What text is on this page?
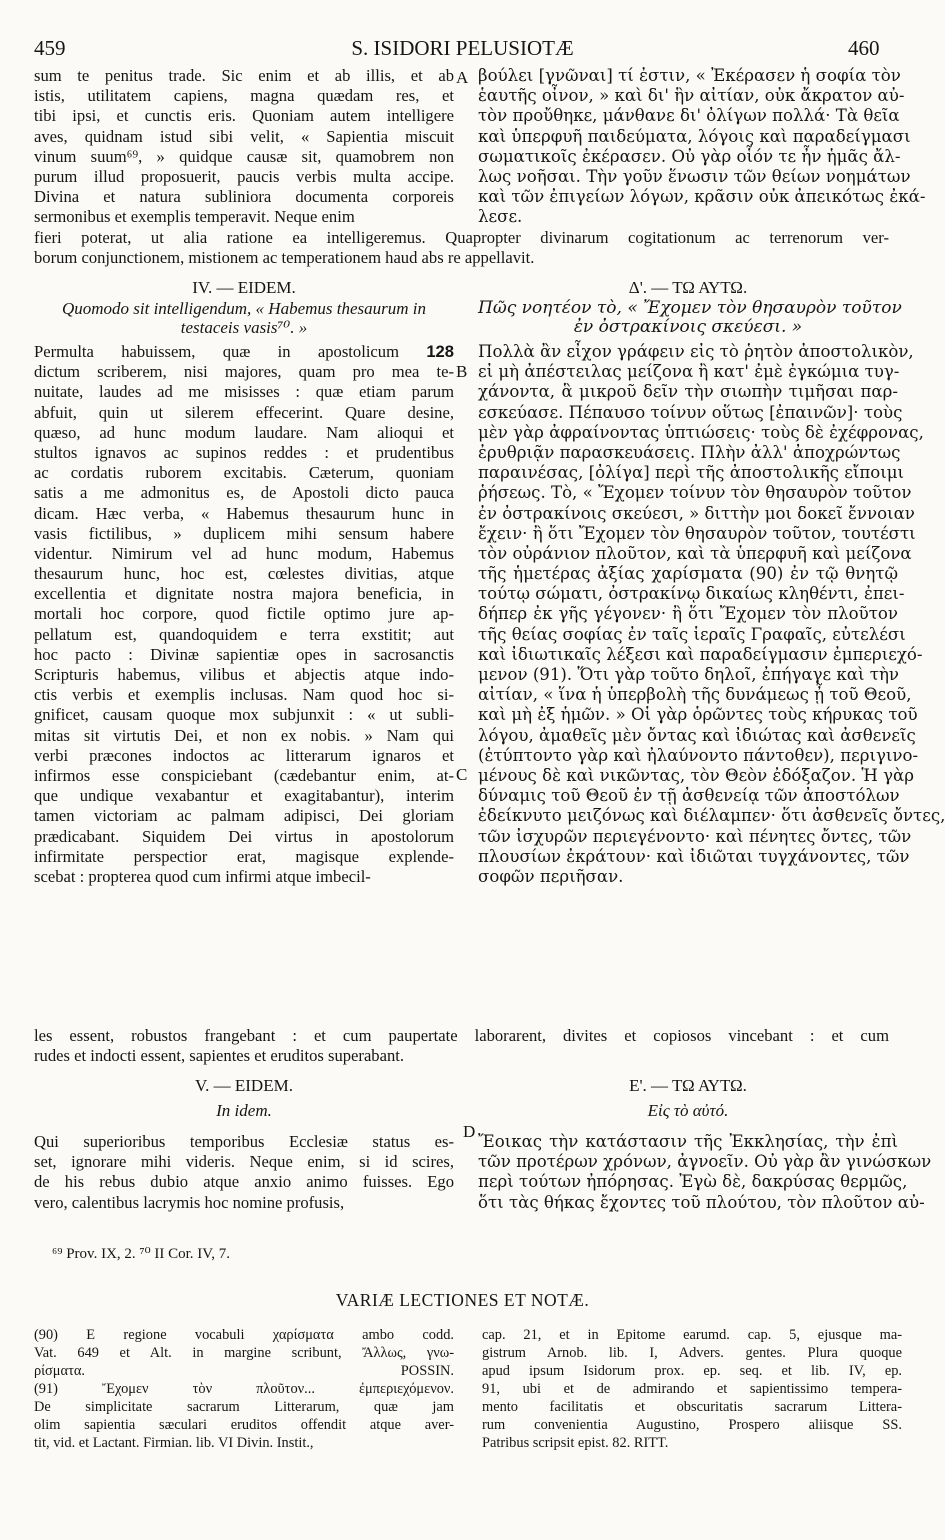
459	S. ISIDORI PELUSIOTÆ	460
sum te penitus trade. Sic enim et ab illis, et ab
istis, utilitatem capiens, magna quædam res, et
tibi ipsi, et cunctis eris. Quoniam autem intelligere
aves, quidnam istud sibi velit, « Sapientia miscuit
vinum suum⁶⁹, » quidque causæ sit, quamobrem non
purum illud proposuerit, paucis verbis multa accipe.
Divina et natura subliniora documenta corporeis
sermonibus et exemplis temperavit. Neque enim
βούλει [γνῶναι] τί ἐστιν, « Ἐκέρασεν ἡ σοφία τὸν
ἑαυτῆς οἶνον, » καὶ δι' ἣν αἰτίαν, οὐκ ἄκρατον αὐ-
τὸν προὔθηκε, μάνθανε δι' ὀλίγων πολλά· Τὰ θεῖα
καὶ ὑπερφυῆ παιδεύματα, λόγοις καὶ παραδείγμασι
σωματικοῖς ἐκέρασεν. Οὐ γὰρ οἷόν τε ἦν ἡμᾶς ἄλ-
λως νοῆσαι. Τὴν γοῦν ἕνωσιν τῶν θείων νοημάτων
καὶ τῶν ἐπιγείων λόγων, κρᾶσιν οὐκ ἀπεικότως ἐκά-
λεσε.
A
fieri poterat, ut alia ratione ea intelligeremus. Quapropter divinarum cogitationum ac terrenorum ver-
borum conjunctionem, mistionem ac temperationem haud abs re appellavit.
IV. — EIDEM.	Δ'. — ΤΩ ΑΥΤΩ.
Quomodo sit intelligendum, « Habemus thesaurum in
testaceis vasis⁷⁰. »
Πῶς νοητέον τὸ, « Ἔχομεν τὸν θησαυρὸν τοῦτον
ἐν ὀστρακίνοις σκεύεσι. »
Permulta habuissem, quæ in apostolicum 128
dictum scriberem, nisi majores, quam pro mea te-
nuitate, laudes ad me misisses : quæ etiam parum
abfuit, quin ut silerem effecerint. Quare desine,
quæso, ad hunc modum laudare. Nam alioqui et
stultos ignavos ac supinos reddes : et prudentibus
ac cordatis ruborem excitabis. Cæterum, quoniam
satis a me admonitus es, de Apostoli dicto pauca
dicam. Hæc verba, « Habemus thesaurum hunc in
vasis fictilibus, » duplicem mihi sensum habere
videntur. Nimirum vel ad hunc modum, Habemus
thesaurum hunc, hoc est, cœlestes divitias, atque
excellentia et dignitate nostra majora beneficia, in
mortali hoc corpore, quod fictile optimo jure ap-
pellatum est, quandoquidem e terra exstitit; aut
hoc pacto : Divinæ sapientiæ opes in sacrosanctis
Scripturis habemus, vilibus et abjectis atque indo-
ctis verbis et exemplis inclusas. Nam quod hoc si-
gnificet, causam quoque mox subjunxit : « ut subli-
mitas sit virtutis Dei, et non ex nobis. » Nam qui
verbi præcones indoctos ac litterarum ignaros et
infirmos esse conspiciebant (cædebantur enim, at-
que undique vexabantur et exagitabantur), interim
tamen victoriam ac palmam adipisci, Dei gloriam
prædicabant. Siquidem Dei virtus in apostolorum
infirmitate perspectior erat, magisque explende-
scebat : propterea quod cum infirmi atque imbecil-
Πολλὰ ἂν εἶχον γράφειν εἰς τὸ ῥητὸν ἀποστολικὸν,
εἰ μὴ ἀπέστειλας μείζονα ἢ κατ' ἐμὲ ἐγκώμια τυγ-
χάνοντα, ἃ μικροῦ δεῖν τὴν σιωπὴν τιμῆσαι παρ-
εσκεύασε. Πέπαυσο τοίνυν οὕτως [ἐπαινῶν]· τοὺς
μὲν γὰρ ἀφραίνοντας ὑπτιώσεις· τοὺς δὲ ἐχέφρονας,
ἐρυθριᾷν παρασκευάσεις. Πλὴν ἀλλ' ἀποχρώντως
παραινέσας, [ὀλίγα] περὶ τῆς ἀποστολικῆς εἴποιμι
ῥήσεως. Τὸ, « Ἔχομεν τοίνυν τὸν θησαυρὸν τοῦτον
ἐν ὀστρακίνοις σκεύεσι, » διττὴν μοι δοκεῖ ἔννοιαν
ἔχειν· ἢ ὅτι Ἔχομεν τὸν θησαυρὸν τοῦτον, τουτέστι
τὸν οὐράνιον πλοῦτον, καὶ τὰ ὑπερφυῆ καὶ μείζονα
τῆς ἡμετέρας ἀξίας χαρίσματα (90) ἐν τῷ θνητῷ
τούτῳ σώματι, ὀστρακίνῳ δικαίως κληθέντι, ἐπει-
δήπερ ἐκ γῆς γέγονεν· ἢ ὅτι Ἔχομεν τὸν πλοῦτον
τῆς θείας σοφίας ἐν ταῖς ἱεραῖς Γραφαῖς, εὐτελέσι
καὶ ἰδιωτικαῖς λέξεσι καὶ παραδείγμασιν ἐμπεριεχό-
μενον (91). Ὅτι γὰρ τοῦτο δηλοῖ, ἐπήγαγε καὶ τὴν
αἰτίαν, « ἵνα ἡ ὑπερβολὴ τῆς δυνάμεως ᾖ τοῦ Θεοῦ,
καὶ μὴ ἐξ ἡμῶν. » Οἱ γὰρ ὁρῶντες τοὺς κήρυκας τοῦ
λόγου, ἀμαθεῖς μὲν ὄντας καὶ ἰδιώτας καὶ ἀσθενεῖς
(ἐτύπτοντο γὰρ καὶ ἠλαύνοντο πάντοθεν), περιγινο-
μένους δὲ καὶ νικῶντας, τὸν Θεὸν ἐδόξαζον. Ἡ γὰρ
δύναμις τοῦ Θεοῦ ἐν τῇ ἀσθενείᾳ τῶν ἀποστόλων
ἐδείκνυτο μειζόνως καὶ διέλαμπεν· ὅτι ἀσθενεῖς ὄντες,
τῶν ἰσχυρῶν περιεγένοντο· καὶ πένητες ὄντες, τῶν
πλουσίων ἐκράτουν· καὶ ἰδιῶται τυγχάνοντες, τῶν
σοφῶν περιῆσαν.
B
C
les essent, robustos frangebant : et cum paupertate laborarent, divites et copiosos vincebant : et cum
rudes et indocti essent, sapientes et eruditos superabant.
V. — EIDEM.	Ε'. — ΤΩ ΑΥΤΩ.
In idem.	Εἰς τὸ αὐτό.
D
Qui superioribus temporibus Ecclesiæ status es-
set, ignorare mihi videris. Neque enim, si id scires,
de his rebus dubio atque anxio animo fuisses. Ego
vero, calentibus lacrymis hoc nomine profusis,
Ἔοικας τὴν κατάστασιν τῆς Ἐκκλησίας, τὴν ἐπὶ
τῶν προτέρων χρόνων, ἀγνοεῖν. Οὐ γὰρ ἂν γινώσκων
περὶ τούτων ἠπόρησας. Ἐγὼ δὲ, δακρύσας θερμῶς,
ὅτι τὰς θήκας ἔχοντες τοῦ πλούτου, τὸν πλοῦτον αὐ-
⁶⁹ Prov. IX, 2. ⁷⁰ II Cor. IV, 7.
VARIÆ LECTIONES ET NOTÆ.
(90) E regione vocabuli χαρίσματα ambo codd.
Vat. 649 et Alt. in margine scribunt, Ἄλλως, γνω-
ρίσματα. POSSIN.
(91) Ἔχομεν τὸν πλοῦτον... ἐμπεριεχόμενον.
De simplicitate sacrarum Litterarum, quæ jam
olim sapientia sæculari eruditos offendit atque aver-
tit, vid. et Lactant. Firmian. lib. VI Divin. Instit.,
cap. 21, et in Epitome earumd. cap. 5, ejusque ma-
gistrum Arnob. lib. I, Advers. gentes. Plura quoque
apud ipsum Isidorum prox. ep. seq. et lib. IV, ep.
91, ubi et de admirando et sapientissimo tempera-
mento facilitatis et obscuritatis sacrarum Littera-
rum convenientia Augustino, Prospero aliisque SS.
Patribus scripsit epist. 82. RITT.
